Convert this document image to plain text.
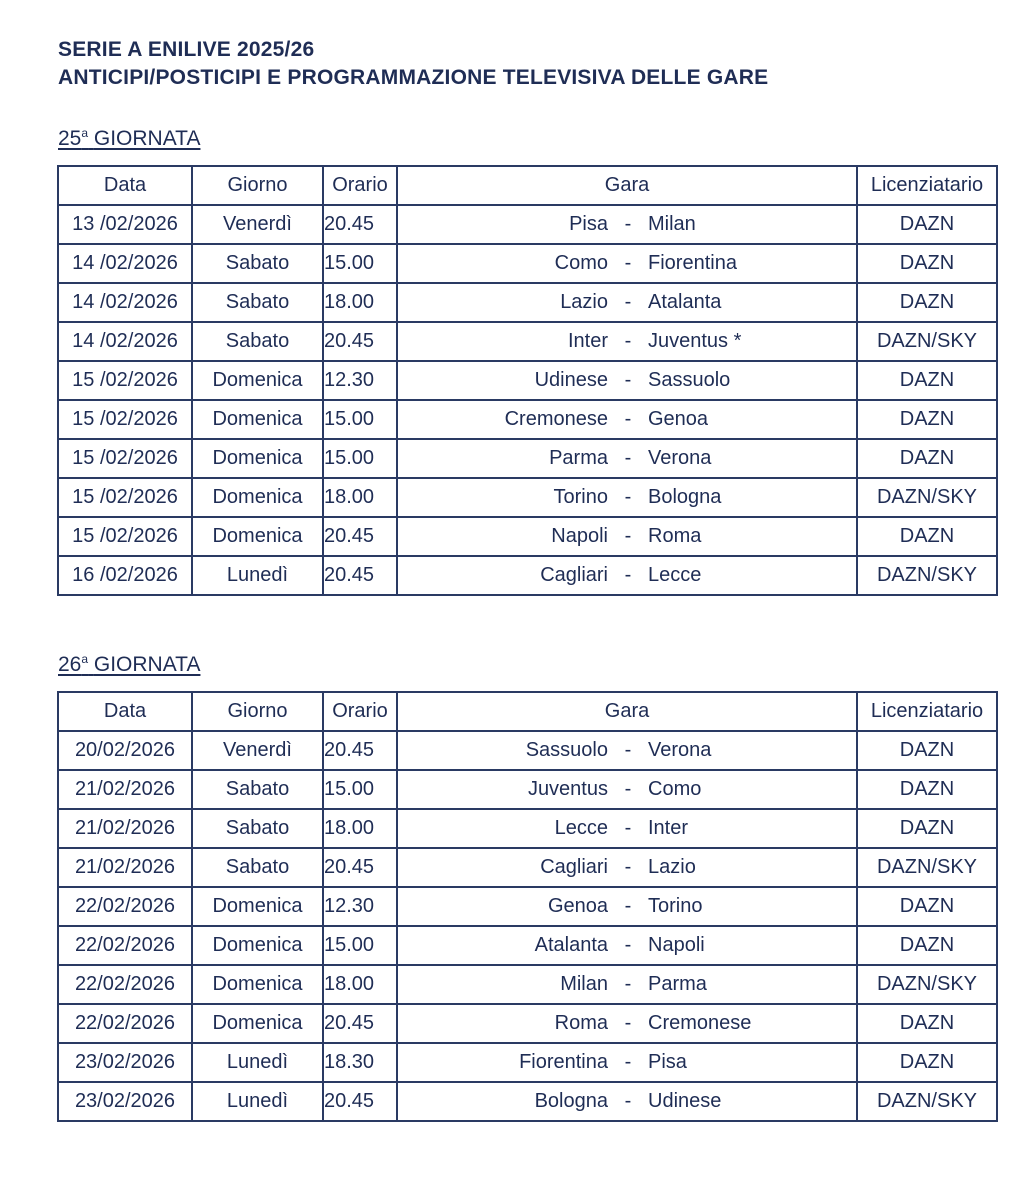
SERIE A ENILIVE 2025/26
ANTICIPI/POSTICIPI E PROGRAMMAZIONE TELEVISIVA DELLE GARE
25$^a$ GIORNATA
Data	Giorno	Orario	Gara	Licenziatario
13 /02/2026	Venerdì	20.45	Pisa - Milan	DAZN
14 /02/2026	Sabato	15.00	Como - Fiorentina	DAZN
14 /02/2026	Sabato	18.00	Lazio - Atalanta	DAZN
14 /02/2026	Sabato	20.45	Inter - Juventus *	DAZN/SKY
15 /02/2026	Domenica	12.30	Udinese - Sassuolo	DAZN
15 /02/2026	Domenica	15.00	Cremonese - Genoa	DAZN
15 /02/2026	Domenica	15.00	Parma - Verona	DAZN
15 /02/2026	Domenica	18.00	Torino - Bologna	DAZN/SKY
15 /02/2026	Domenica	20.45	Napoli - Roma	DAZN
16 /02/2026	Lunedì	20.45	Cagliari - Lecce	DAZN/SKY
26$^a$ GIORNATA
Data	Giorno	Orario	Gara	Licenziatario
20/02/2026	Venerdì	20.45	Sassuolo - Verona	DAZN
21/02/2026	Sabato	15.00	Juventus - Como	DAZN
21/02/2026	Sabato	18.00	Lecce - Inter	DAZN
21/02/2026	Sabato	20.45	Cagliari - Lazio	DAZN/SKY
22/02/2026	Domenica	12.30	Genoa - Torino	DAZN
22/02/2026	Domenica	15.00	Atalanta - Napoli	DAZN
22/02/2026	Domenica	18.00	Milan - Parma	DAZN/SKY
22/02/2026	Domenica	20.45	Roma - Cremonese	DAZN
23/02/2026	Lunedì	18.30	Fiorentina - Pisa	DAZN
23/02/2026	Lunedì	20.45	Bologna - Udinese	DAZN/SKY
